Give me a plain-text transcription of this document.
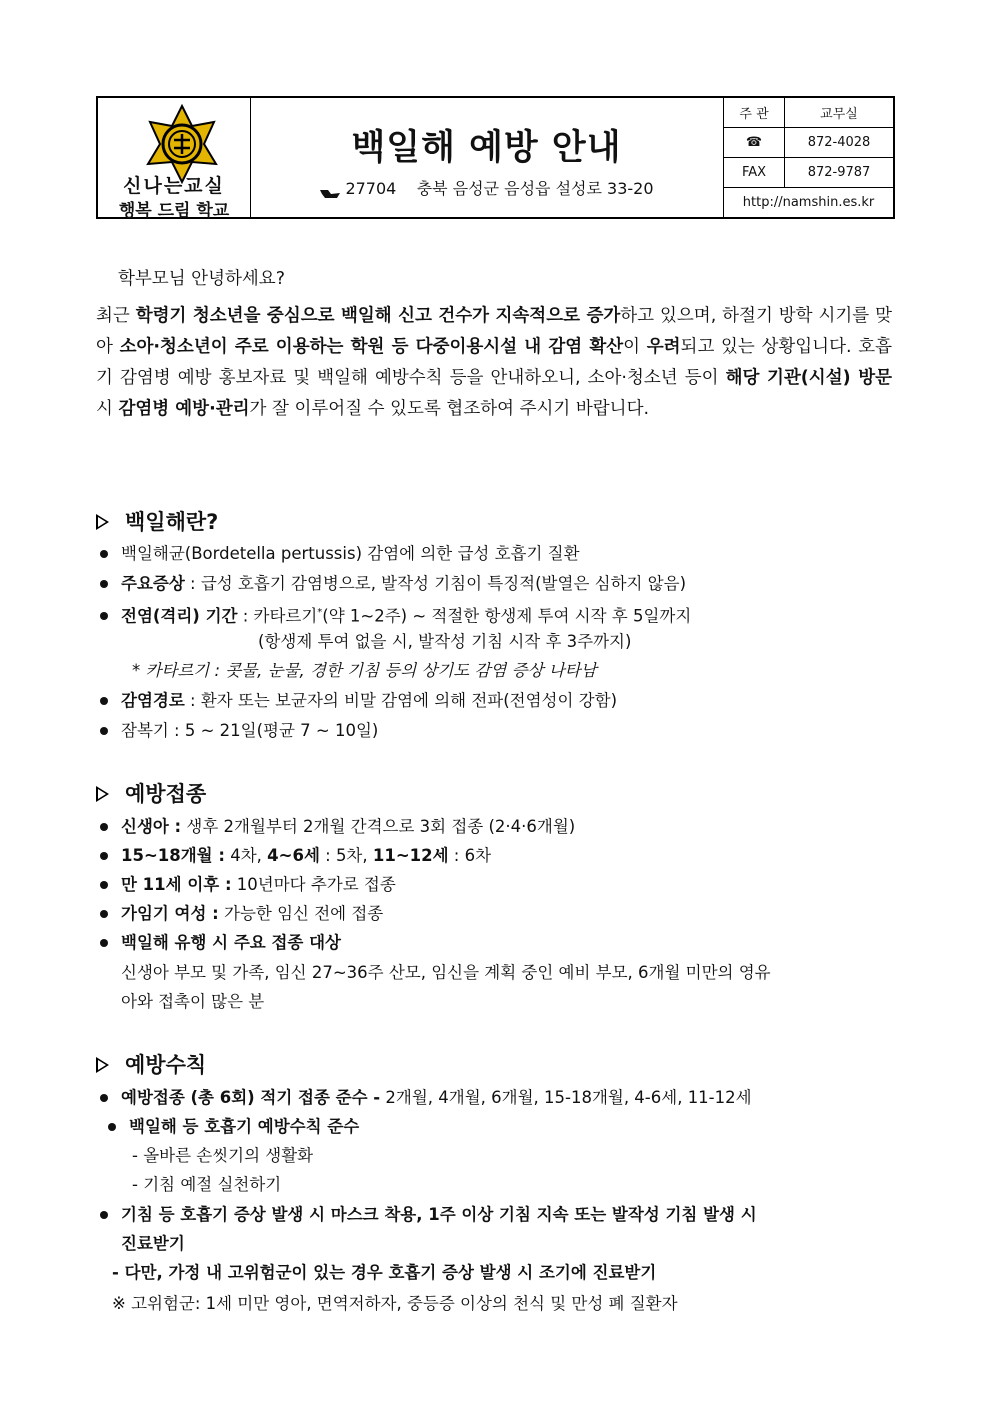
신나는교실
행복 드림 학교
백일해 예방 안내
27704 충북 음성군 음성읍 설성로 33-20
주 관	교무실
☎	872-4028
FAX	872-9787
http://namshin.es.kr	
학부모님 안녕하세요?
최근 학령기 청소년을 중심으로 백일해 신고 건수가 지속적으로 증가하고 있으며, 하절기 방학 시기를 맞아 소아·청소년이 주로 이용하는 학원 등 다중이용시설 내 감염 확산이 우려되고 있는 상황입니다. 호흡기 감염병 예방 홍보자료 및 백일해 예방수칙 등을 안내하오니, 소아·청소년 등이 해당 기관(시설) 방문 시 감염병 예방·관리가 잘 이루어질 수 있도록 협조하여 주시기 바랍니다.
백일해란?
백일해균(Bordetella pertussis) 감염에 의한 급성 호흡기 질환
주요증상 : 급성 호흡기 감염병으로, 발작성 기침이 특징적(발열은 심하지 않음)
전염(격리) 기간 : 카타르기*(약 1~2주) ~ 적절한 항생제 투여 시작 후 5일까지
(항생제 투여 없을 시, 발작성 기침 시작 후 3주까지)
* 카타르기 : 콧물, 눈물, 경한 기침 등의 상기도 감염 증상 나타남
감염경로 : 환자 또는 보균자의 비말 감염에 의해 전파(전염성이 강함)
잠복기 : 5 ~ 21일(평균 7 ~ 10일)
예방접종
신생아 : 생후 2개월부터 2개월 간격으로 3회 접종 (2·4·6개월)
15~18개월 : 4차, 4~6세 : 5차, 11~12세 : 6차
만 11세 이후 : 10년마다 추가로 접종
가임기 여성 : 가능한 임신 전에 접종
백일해 유행 시 주요 접종 대상
신생아 부모 및 가족, 임신 27~36주 산모, 임신을 계획 중인 예비 부모, 6개월 미만의 영유
아와 접촉이 많은 분
예방수칙
예방접종 (총 6회) 적기 접종 준수 - 2개월, 4개월, 6개월, 15-18개월, 4-6세, 11-12세
백일해 등 호흡기 예방수칙 준수
- 올바른 손씻기의 생활화
- 기침 예절 실천하기
기침 등 호흡기 증상 발생 시 마스크 착용, 1주 이상 기침 지속 또는 발작성 기침 발생 시
진료받기
- 다만, 가정 내 고위험군이 있는 경우 호흡기 증상 발생 시 조기에 진료받기
※ 고위험군: 1세 미만 영아, 면역저하자, 중등증 이상의 천식 및 만성 폐 질환자
